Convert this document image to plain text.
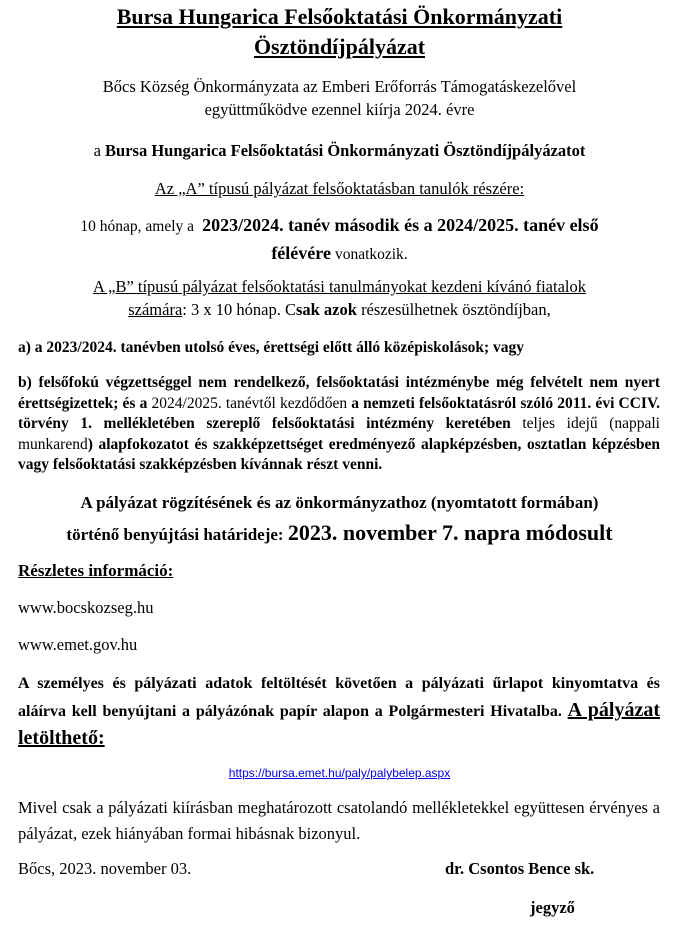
Bursa Hungarica Felsőoktatási Önkormányzati
Ösztöndíjpályázat
Bőcs Község Önkormányzata az Emberi Erőforrás Támogatáskezelővel
együttműködve ezennel kiírja 2024. évre
a Bursa Hungarica Felsőoktatási Önkormányzati Ösztöndíjpályázatot
Az „A” típusú pályázat felsőoktatásban tanulók részére:
10 hónap, amely a 2023/2024. tanév második és a 2024/2025. tanév első
félévére vonatkozik.
A „B” típusú pályázat felsőoktatási tanulmányokat kezdeni kívánó fiatalok
számára: 3 x 10 hónap. Csak azok részesülhetnek ösztöndíjban,
a) a 2023/2024. tanévben utolsó éves, érettségi előtt álló középiskolások; vagy
b) felsőfokú végzettséggel nem rendelkező, felsőoktatási intézménybe még felvételt nem nyert érettségizettek; és a 2024/2025. tanévtől kezdődően a nemzeti felsőoktatásról szóló 2011. évi CCIV. törvény 1. mellékletében szereplő felsőoktatási intézmény keretében teljes idejű (nappali munkarend) alapfokozatot és szakképzettséget eredményező alapképzésben, osztatlan képzésben vagy felsőoktatási szakképzésben kívánnak részt venni.
A pályázat rögzítésének és az önkormányzathoz (nyomtatott formában)
történő benyújtási határideje: 2023. november 7. napra módosult
Részletes információ:
www.bocskozseg.hu
www.emet.gov.hu
A személyes és pályázati adatok feltöltését követően a pályázati űrlapot kinyomtatva és aláírva kell benyújtani a pályázónak papír alapon a Polgármesteri Hivatalba. A pályázat letölthető:
https://bursa.emet.hu/paly/palybelep.aspx
Mivel csak a pályázati kiírásban meghatározott csatolandó mellékletekkel együttesen érvényes a pályázat, ezek hiányában formai hibásnak bizonyul.
Bőcs, 2023. november 03.	dr. Csontos Bence sk.
jegyző
